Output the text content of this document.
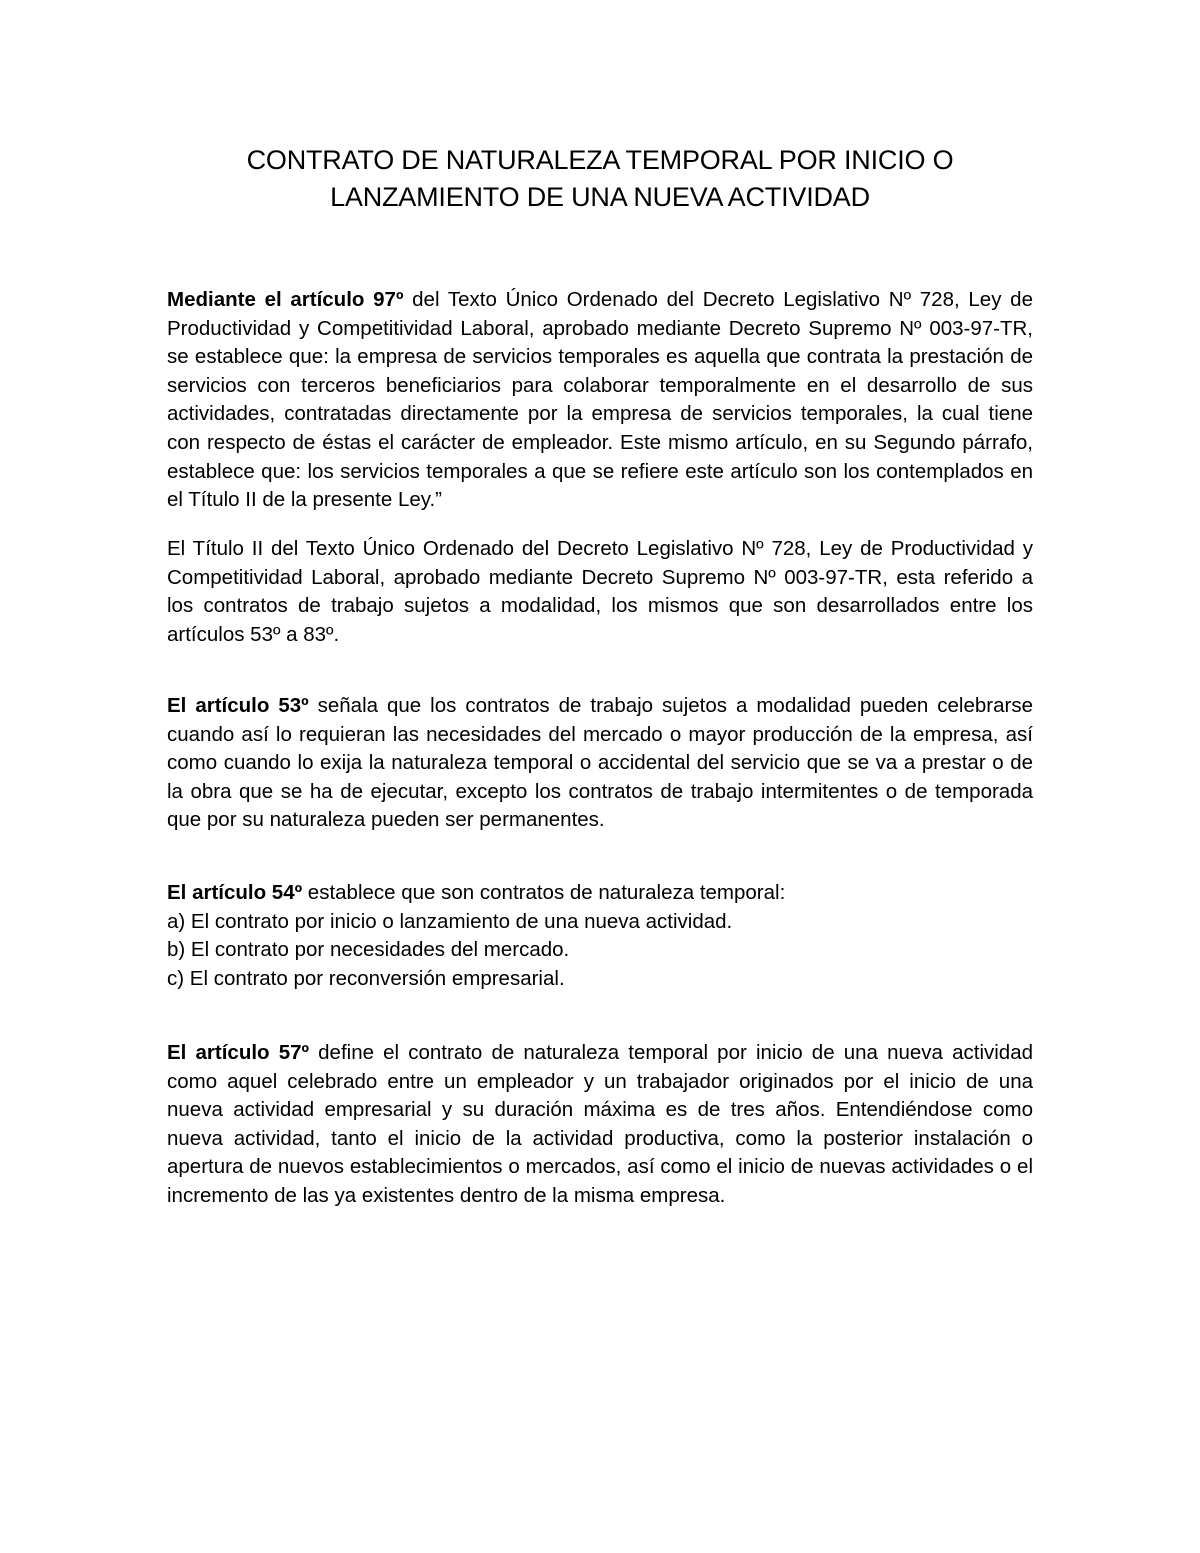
CONTRATO DE NATURALEZA TEMPORAL POR INICIO O
LANZAMIENTO DE UNA NUEVA ACTIVIDAD
Mediante el artículo 97º del Texto Único Ordenado del Decreto Legislativo Nº 728, Ley de Productividad y Competitividad Laboral, aprobado mediante Decreto Supremo Nº 003-97-TR, se establece que: la empresa de servicios temporales es aquella que contrata la prestación de servicios con terceros beneficiarios para colaborar temporalmente en el desarrollo de sus actividades, contratadas directamente por la empresa de servicios temporales, la cual tiene con respecto de éstas el carácter de empleador. Este mismo artículo, en su Segundo párrafo, establece que: los servicios temporales a que se refiere este artículo son los contemplados en el Título II de la presente Ley.”
El Título II del Texto Único Ordenado del Decreto Legislativo Nº 728, Ley de Productividad y Competitividad Laboral, aprobado mediante Decreto Supremo Nº 003-97-TR, esta referido a los contratos de trabajo sujetos a modalidad, los mismos que son desarrollados entre los artículos 53º a 83º.
El artículo 53º señala que los contratos de trabajo sujetos a modalidad pueden celebrarse cuando así lo requieran las necesidades del mercado o mayor producción de la empresa, así como cuando lo exija la naturaleza temporal o accidental del servicio que se va a prestar o de la obra que se ha de ejecutar, excepto los contratos de trabajo intermitentes o de temporada que por su naturaleza pueden ser permanentes.
El artículo 54º establece que son contratos de naturaleza temporal:
a) El contrato por inicio o lanzamiento de una nueva actividad.
b) El contrato por necesidades del mercado.
c) El contrato por reconversión empresarial.
El artículo 57º define el contrato de naturaleza temporal por inicio de una nueva actividad como aquel celebrado entre un empleador y un trabajador originados por el inicio de una nueva actividad empresarial y su duración máxima es de tres años. Entendiéndose como nueva actividad, tanto el inicio de la actividad productiva, como la posterior instalación o apertura de nuevos establecimientos o mercados, así como el inicio de nuevas actividades o el incremento de las ya existentes dentro de la misma empresa.
